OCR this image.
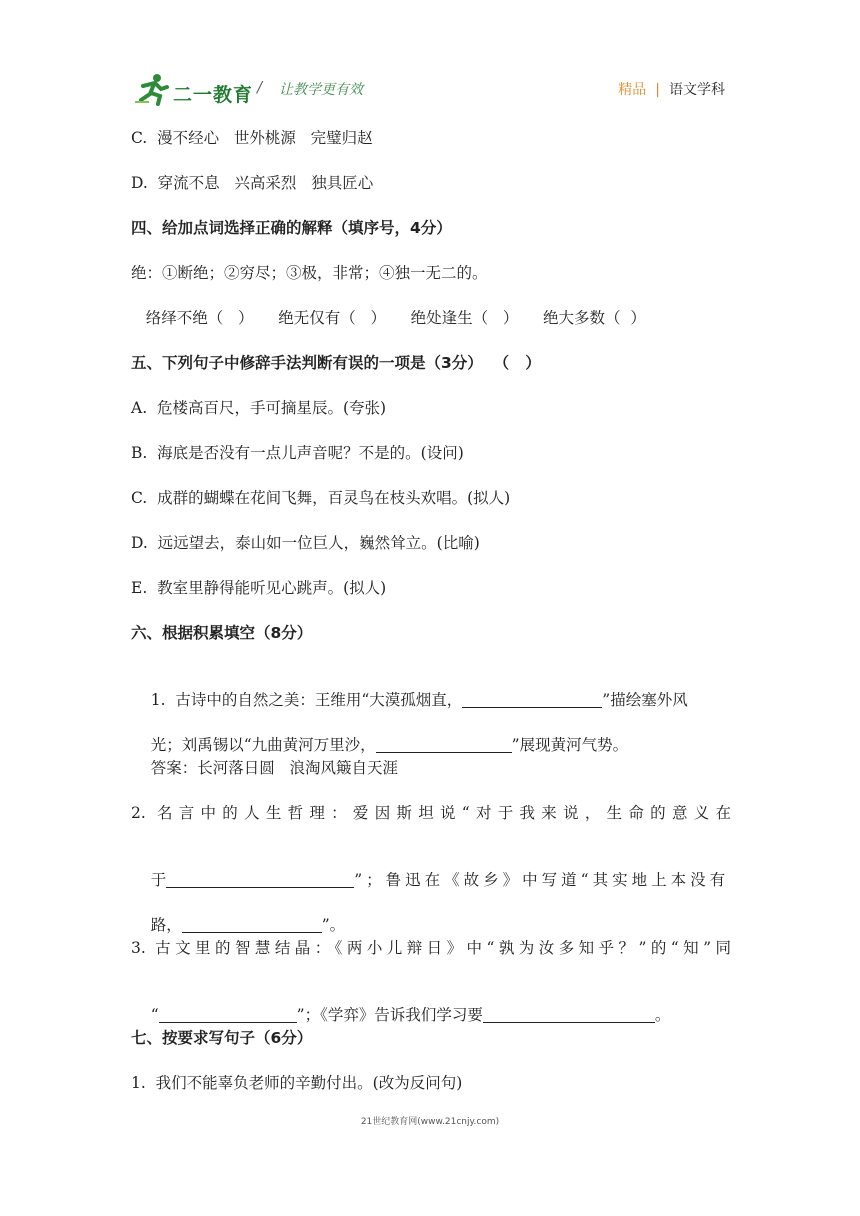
二一教育 / 让教学更有效	精品 | 语文学科
C.  漫不经心   世外桃源   完璧归赵
D.  穿流不息   兴高采烈   独具匠心
四、给加点词选择正确的解释（填序号，4分）
绝：①断绝；②穷尽；③极，非常；④独一无二的。
络绎不绝（   ）     绝无仅有（   ）     绝处逢生（   ）     绝大多数（  ）
五、下列句子中修辞手法判断有误的一项是（3分）  （   ）
A.  危楼高百尺，手可摘星辰。(夸张)
B.  海底是否没有一点儿声音呢？不是的。(设问)
C.  成群的蝴蝶在花间飞舞，百灵鸟在枝头欢唱。(拟人)
D.  远远望去，泰山如一位巨人，巍然耸立。(比喻)
E.  教室里静得能听见心跳声。(拟人)
六、根据积累填空（8分）

1.  古诗中的自然之美：王维用“大漠孤烟直，	”描绘塞外风

光；刘禹锡以“九曲黄河万里沙，	”展现黄河气势。

答案：长河落日圆   浪淘风簸自天涯
2. 名言中的人生哲理：爱因斯坦说“对于我来说，生命的意义在

于	”；鲁迅在《故乡》中写道“其实地上本没有

路，	”。

3. 古文里的智慧结晶：《两小儿辩日》中“孰为汝多知乎？”的“知”同

“	”；《学弈》告诉我们学习要	。

七、按要求写句子（6分）
1.  我们不能辜负老师的辛勤付出。(改为反问句)
21世纪教育网(www.21cnjy.com)
